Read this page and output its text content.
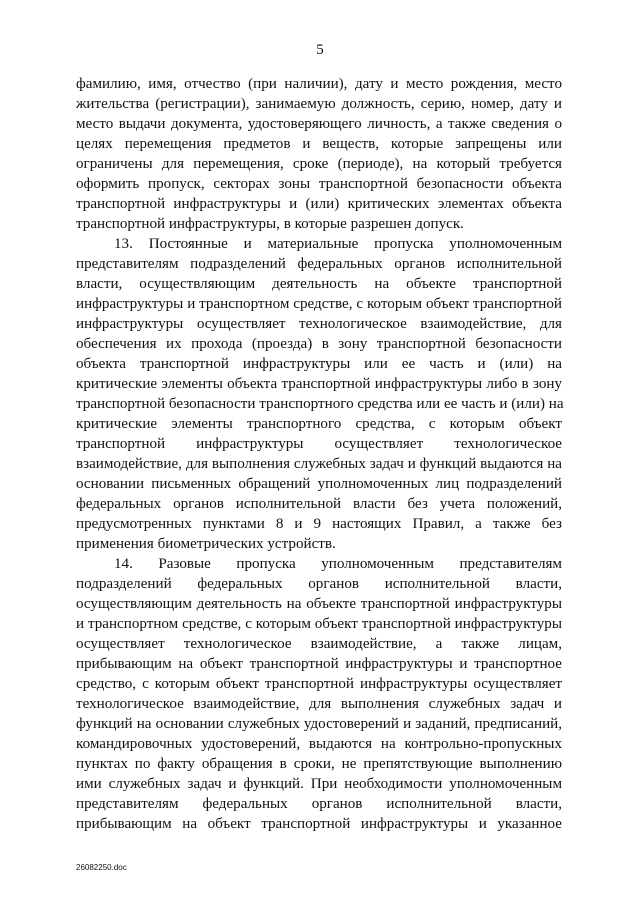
5
фамилию, имя, отчество (при наличии), дату и место рождения, место
жительства (регистрации), занимаемую должность, серию, номер, дату и
место выдачи документа, удостоверяющего личность, а также сведения о
целях перемещения предметов и веществ, которые запрещены или
ограничены для перемещения, сроке (периоде), на который требуется
оформить пропуск, секторах зоны транспортной безопасности объекта
транспортной инфраструктуры и (или) критических элементах объекта
транспортной инфраструктуры, в которые разрешен допуск.
13. Постоянные и материальные пропуска уполномоченным
представителям подразделений федеральных органов исполнительной
власти, осуществляющим деятельность на объекте транспортной
инфраструктуры и транспортном средстве, с которым объект транспортной
инфраструктуры осуществляет технологическое взаимодействие, для
обеспечения их прохода (проезда) в зону транспортной безопасности
объекта транспортной инфраструктуры или ее часть и (или) на
критические элементы объекта транспортной инфраструктуры либо в зону
транспортной безопасности транспортного средства или ее часть и (или) на
критические элементы транспортного средства, с которым объект
транспортной инфраструктуры осуществляет технологическое
взаимодействие, для выполнения служебных задач и функций выдаются на
основании письменных обращений уполномоченных лиц подразделений
федеральных органов исполнительной власти без учета положений,
предусмотренных пунктами 8 и 9 настоящих Правил, а также без
применения биометрических устройств.
14. Разовые пропуска уполномоченным представителям
подразделений федеральных органов исполнительной власти,
осуществляющим деятельность на объекте транспортной инфраструктуры
и транспортном средстве, с которым объект транспортной инфраструктуры
осуществляет технологическое взаимодействие, а также лицам,
прибывающим на объект транспортной инфраструктуры и транспортное
средство, с которым объект транспортной инфраструктуры осуществляет
технологическое взаимодействие, для выполнения служебных задач и
функций на основании служебных удостоверений и заданий, предписаний,
командировочных удостоверений, выдаются на контрольно-пропускных
пунктах по факту обращения в сроки, не препятствующие выполнению
ими служебных задач и функций. При необходимости уполномоченным
представителям федеральных органов исполнительной власти,
прибывающим на объект транспортной инфраструктуры и указанное
26082250.doc
